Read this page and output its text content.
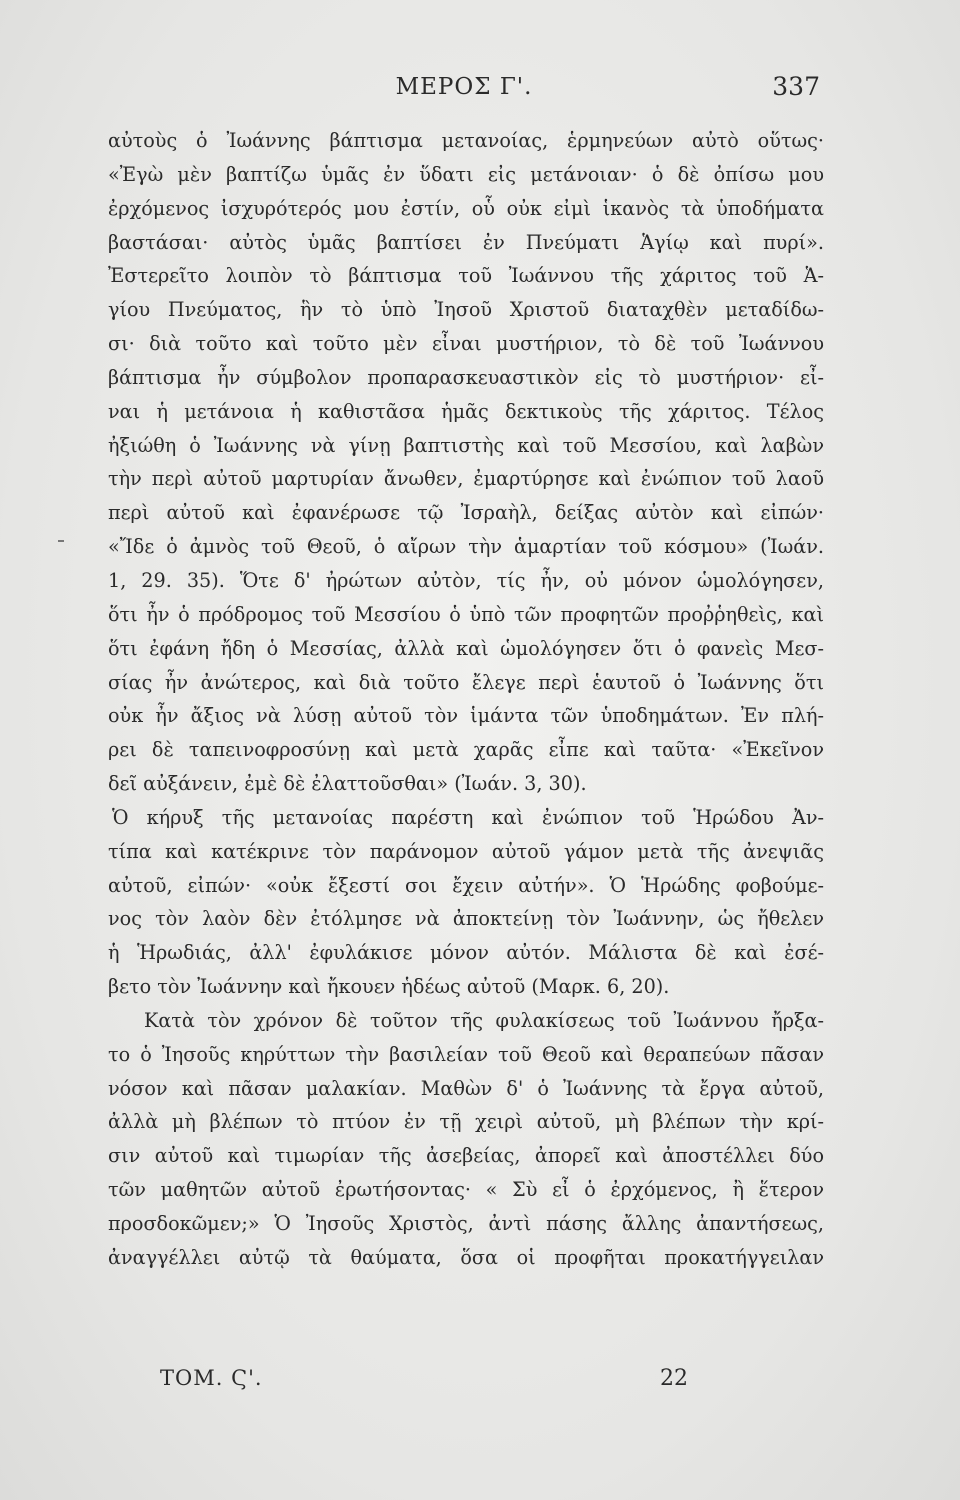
ΜΕΡΟΣ Γ'.	337
αὐτοὺς ὁ Ἰωάννης βάπτισμα μετανοίας, ἑρμηνεύων αὐτὸ οὕτως·
«Ἐγὼ μὲν βαπτίζω ὑμᾶς ἐν ὕδατι εἰς μετάνοιαν· ὁ δὲ ὀπίσω μου
ἐρχόμενος ἰσχυρότερός μου ἐστίν, οὗ οὐκ εἰμὶ ἱκανὸς τὰ ὑποδήματα
βαστάσαι· αὐτὸς ὑμᾶς βαπτίσει ἐν Πνεύματι Ἁγίῳ καὶ πυρί».
Ἐστερεῖτο λοιπὸν τὸ βάπτισμα τοῦ Ἰωάννου τῆς χάριτος τοῦ Ἁ-
γίου Πνεύματος, ἣν τὸ ὑπὸ Ἰησοῦ Χριστοῦ διαταχθὲν μεταδίδω-
σι· διὰ τοῦτο καὶ τοῦτο μὲν εἶναι μυστήριον, τὸ δὲ τοῦ Ἰωάννου
βάπτισμα ἦν σύμβολον προπαρασκευαστικὸν εἰς τὸ μυστήριον· εἶ-
ναι ἡ μετάνοια ἡ καθιστᾶσα ἡμᾶς δεκτικοὺς τῆς χάριτος. Τέλος
ἠξιώθη ὁ Ἰωάννης νὰ γίνῃ βαπτιστὴς καὶ τοῦ Μεσσίου, καὶ λαβὼν
τὴν περὶ αὐτοῦ μαρτυρίαν ἄνωθεν, ἐμαρτύρησε καὶ ἐνώπιον τοῦ λαοῦ
περὶ αὐτοῦ καὶ ἐφανέρωσε τῷ Ἰσραὴλ, δείξας αὐτὸν καὶ εἰπών·
«Ἴδε ὁ ἀμνὸς τοῦ Θεοῦ, ὁ αἴρων τὴν ἁμαρτίαν τοῦ κόσμου» (Ἰωάν.
1, 29. 35). Ὅτε δ' ἠρώτων αὐτὸν, τίς ἦν, οὐ μόνον ὡμολόγησεν,
ὅτι ἦν ὁ πρόδρομος τοῦ Μεσσίου ὁ ὑπὸ τῶν προφητῶν προῤῥηθεὶς, καὶ
ὅτι ἐφάνη ἤδη ὁ Μεσσίας, ἀλλὰ καὶ ὡμολόγησεν ὅτι ὁ φανεὶς Μεσ-
σίας ἦν ἀνώτερος, καὶ διὰ τοῦτο ἔλεγε περὶ ἑαυτοῦ ὁ Ἰωάννης ὅτι
οὐκ ἦν ἄξιος νὰ λύσῃ αὐτοῦ τὸν ἱμάντα τῶν ὑποδημάτων. Ἐν πλή-
ρει δὲ ταπεινοφροσύνῃ καὶ μετὰ χαρᾶς εἶπε καὶ ταῦτα· «Ἐκεῖνον
δεῖ αὐξάνειν, ἐμὲ δὲ ἐλαττοῦσθαι» (Ἰωάν. 3, 30).
Ὁ κήρυξ τῆς μετανοίας παρέστη καὶ ἐνώπιον τοῦ Ἡρώδου Ἀν-
τίπα καὶ κατέκρινε τὸν παράνομον αὐτοῦ γάμον μετὰ τῆς ἀνεψιᾶς
αὐτοῦ, εἰπών· «οὐκ ἔξεστί σοι ἔχειν αὐτήν». Ὁ Ἡρώδης φοβούμε-
νος τὸν λαὸν δὲν ἐτόλμησε νὰ ἀποκτείνῃ τὸν Ἰωάννην, ὡς ἤθελεν
ἡ Ἡρωδιάς, ἀλλ' ἐφυλάκισε μόνον αὐτόν. Μάλιστα δὲ καὶ ἐσέ-
βετο τὸν Ἰωάννην καὶ ἤκουεν ἡδέως αὐτοῦ (Μαρκ. 6, 20).
Κατὰ τὸν χρόνον δὲ τοῦτον τῆς φυλακίσεως τοῦ Ἰωάννου ἤρξα-
το ὁ Ἰησοῦς κηρύττων τὴν βασιλείαν τοῦ Θεοῦ καὶ θεραπεύων πᾶσαν
νόσον καὶ πᾶσαν μαλακίαν. Μαθὼν δ' ὁ Ἰωάννης τὰ ἔργα αὐτοῦ,
ἀλλὰ μὴ βλέπων τὸ πτύον ἐν τῇ χειρὶ αὐτοῦ, μὴ βλέπων τὴν κρί-
σιν αὐτοῦ καὶ τιμωρίαν τῆς ἀσεβείας, ἀπορεῖ καὶ ἀποστέλλει δύο
τῶν μαθητῶν αὐτοῦ ἐρωτήσοντας· « Σὺ εἶ ὁ ἐρχόμενος, ἢ ἕτερον
προσδοκῶμεν;» Ὁ Ἰησοῦς Χριστὸς, ἀντὶ πάσης ἄλλης ἀπαντήσεως,
ἀναγγέλλει αὐτῷ τὰ θαύματα, ὅσα οἱ προφῆται προκατήγγειλαν
ΤΟΜ. Ϛ'.	22
